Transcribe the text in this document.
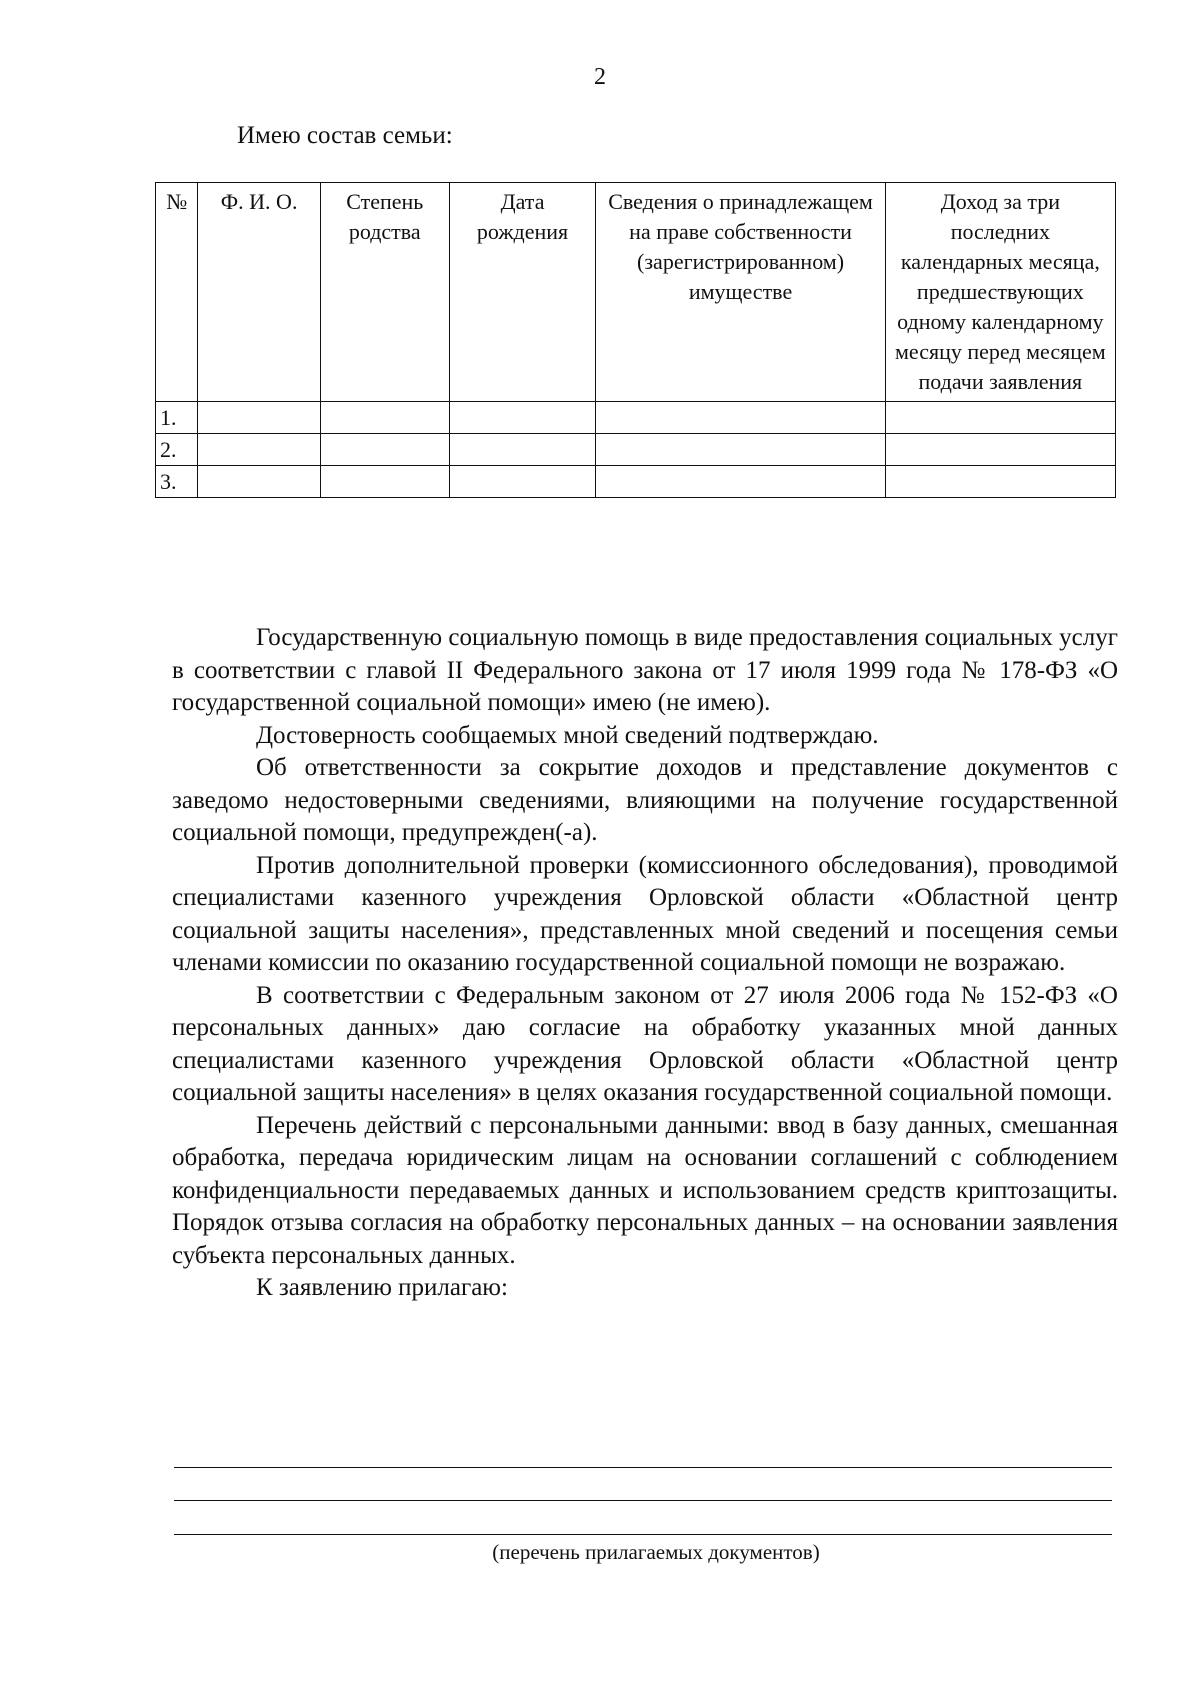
2
Имею состав семьи:
№	Ф. И. О.	Степень родства	Дата рождения	Сведения о принадлежащем на праве собственности (зарегистрированном) имуществе	Доход за три последних календарных месяца, предшествующих одному календарному месяцу перед месяцем подачи заявления
1.					
2.					
3.					

Государственную социальную помощь в виде предоставления социальных услуг в соответствии с главой II Федерального закона от 17 июля 1999 года № 178-ФЗ «О государственной социальной помощи» имею (не имею).

Достоверность сообщаемых мной сведений подтверждаю.

Об ответственности за сокрытие доходов и представление документов с заведомо недостоверными сведениями, влияющими на получение государственной социальной помощи, предупрежден(-а).

Против дополнительной проверки (комиссионного обследования), проводимой специалистами казенного учреждения Орловской области «Областной центр социальной защиты населения», представленных мной сведений и посещения семьи членами комиссии по оказанию государственной социальной помощи не возражаю.

В соответствии с Федеральным законом от 27 июля 2006 года № 152-ФЗ «О персональных данных» даю согласие на обработку указанных мной данных специалистами казенного учреждения Орловской области «Областной центр социальной защиты населения» в целях оказания государственной социальной помощи.

Перечень действий с персональными данными: ввод в базу данных, смешанная обработка, передача юридическим лицам на основании соглашений с соблюдением конфиденциальности передаваемых данных и использованием средств криптозащиты. Порядок отзыва согласия на обработку персональных данных – на основании заявления субъекта персональных данных.

К заявлению прилагаю:

(перечень прилагаемых документов)
